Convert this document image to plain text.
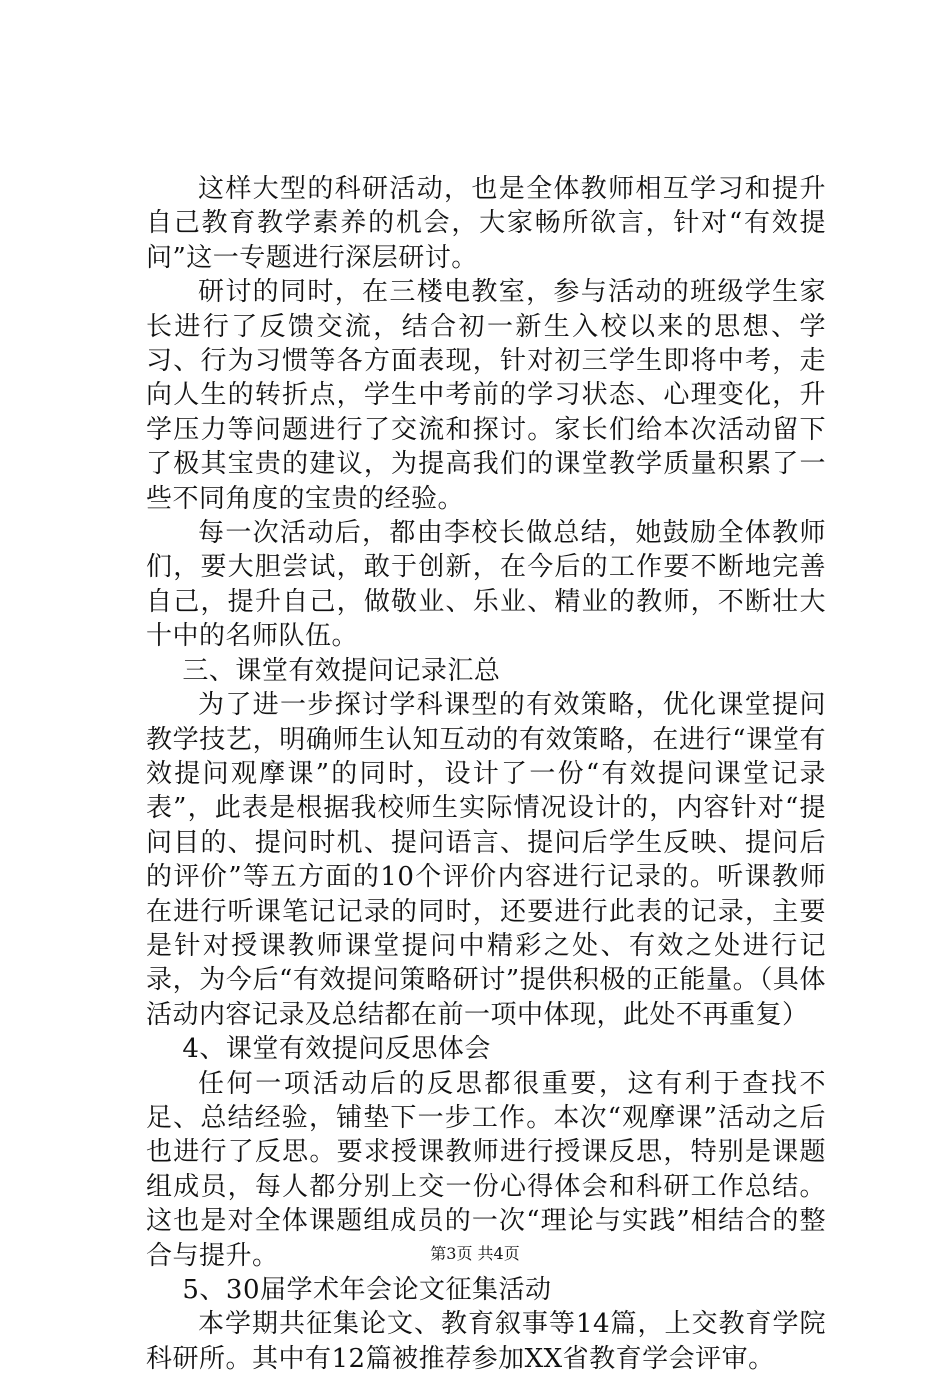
这样大型的科研活动，也是全体教师相互学习和提升自己教育教学素养的机会，大家畅所欲言，针对“有效提问”这一专题进行深层研讨。

研讨的同时，在三楼电教室，参与活动的班级学生家长进行了反馈交流，结合初一新生入校以来的思想、学习、行为习惯等各方面表现，针对初三学生即将中考，走向人生的转折点，学生中考前的学习状态、心理变化，升学压力等问题进行了交流和探讨。家长们给本次活动留下了极其宝贵的建议，为提高我们的课堂教学质量积累了一些不同角度的宝贵的经验。

每一次活动后，都由李校长做总结，她鼓励全体教师们，要大胆尝试，敢于创新，在今后的工作要不断地完善自己，提升自己，做敬业、乐业、精业的教师，不断壮大十中的名师队伍。

三、课堂有效提问记录汇总

为了进一步探讨学科课型的有效策略，优化课堂提问教学技艺，明确师生认知互动的有效策略，在进行“课堂有效提问观摩课”的同时，设计了一份“有效提问课堂记录表”，此表是根据我校师生实际情况设计的，内容针对“提问目的、提问时机、提问语言、提问后学生反映、提问后的评价”等五方面的10个评价内容进行记录的。听课教师在进行听课笔记记录的同时，还要进行此表的记录，主要是针对授课教师课堂提问中精彩之处、有效之处进行记录，为今后“有效提问策略研讨”提供积极的正能量。（具体活动内容记录及总结都在前一项中体现，此处不再重复）

4、课堂有效提问反思体会

任何一项活动后的反思都很重要，这有利于查找不足、总结经验，铺垫下一步工作。本次“观摩课”活动之后也进行了反思。要求授课教师进行授课反思，特别是课题组成员，每人都分别上交一份心得体会和科研工作总结。这也是对全体课题组成员的一次“理论与实践”相结合的整合与提升。

5、30届学术年会论文征集活动

本学期共征集论文、教育叙事等14篇，上交教育学院科研所。其中有12篇被推荐参加XX省教育学会评审。

第3页 共4页
